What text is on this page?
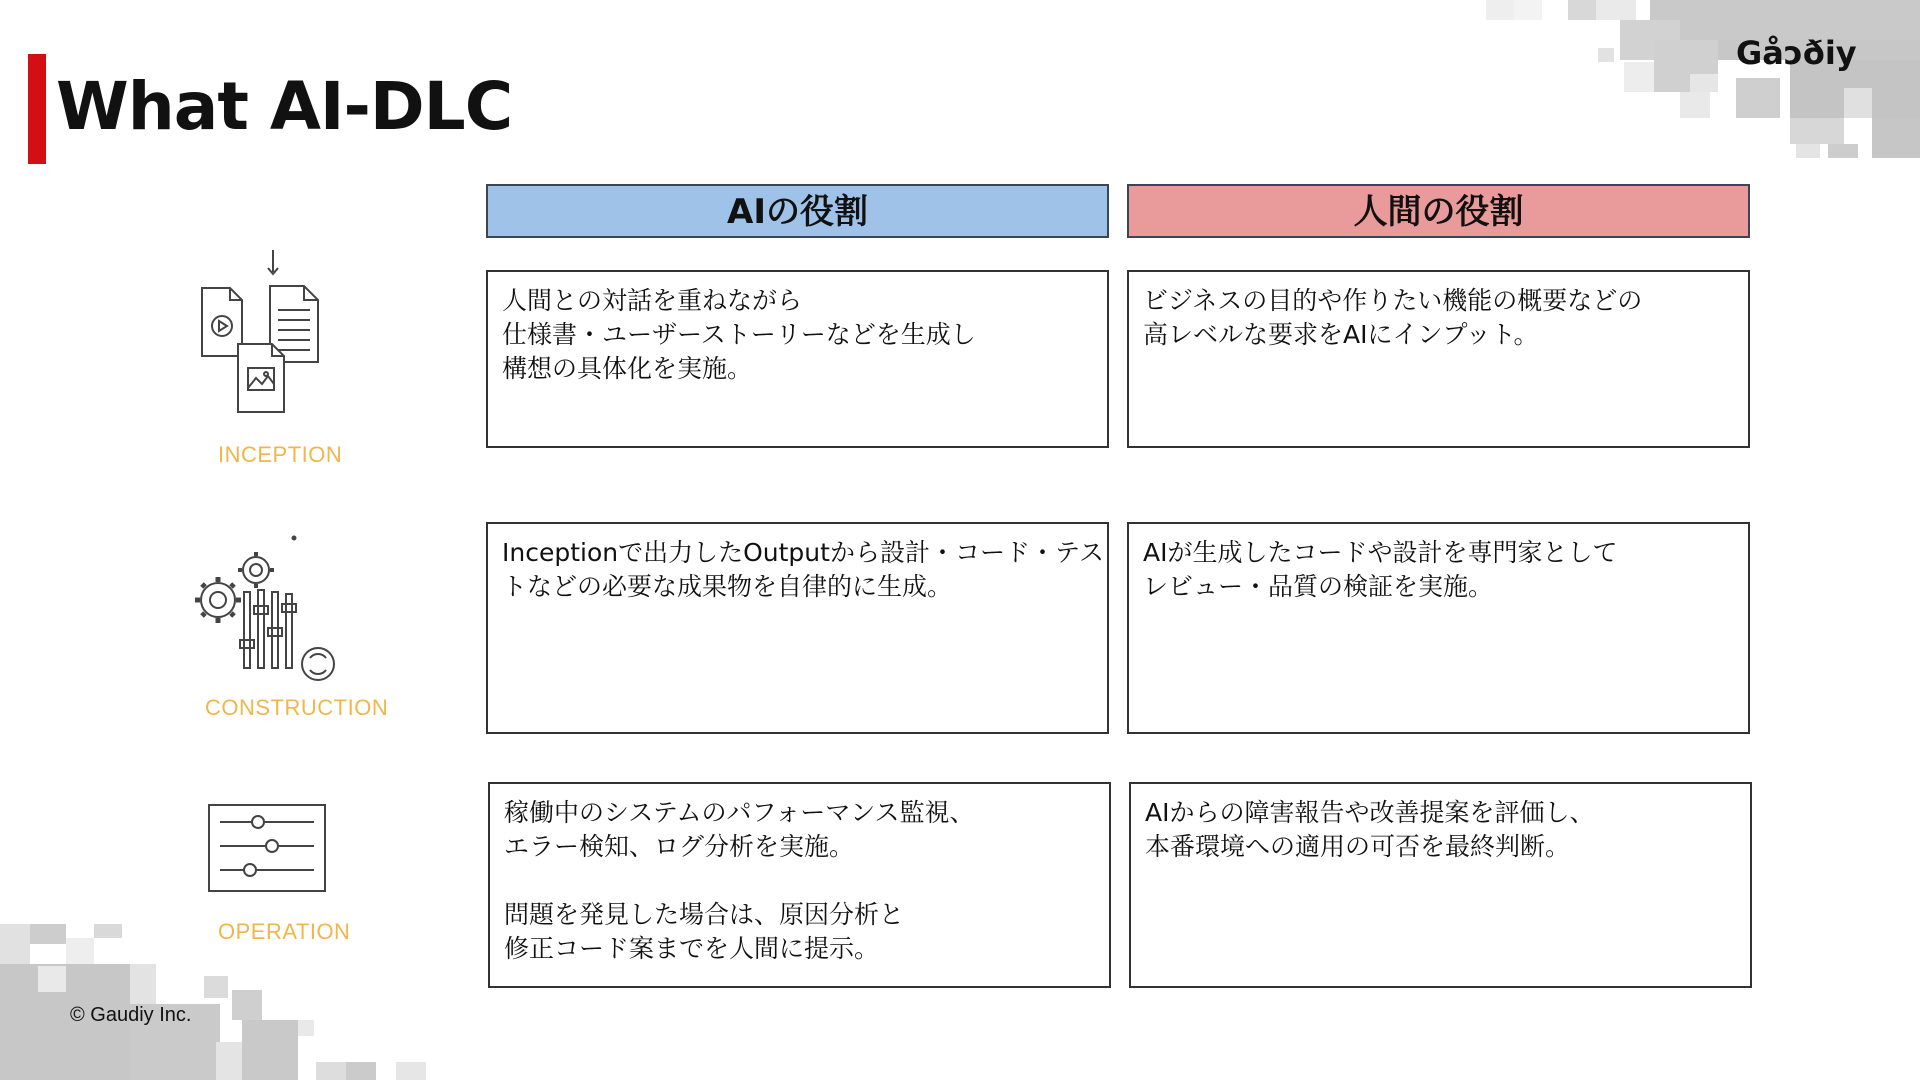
What AI-DLC
Gåɔðiy
AIの役割	人間の役割
INCEPTION
人間との対話を重ねながら
仕様書・ユーザーストーリーなどを生成し
構想の具体化を実施。
ビジネスの目的や作りたい機能の概要などの
高レベルな要求をAIにインプット。
CONSTRUCTION
Inceptionで出力したOutputから設計・コード・テス
トなどの必要な成果物を自律的に生成。
AIが生成したコードや設計を専門家として
レビュー・品質の検証を実施。
OPERATION
稼働中のシステムのパフォーマンス監視、
エラー検知、ログ分析を実施。
問題を発見した場合は、原因分析と
修正コード案までを人間に提示。
AIからの障害報告や改善提案を評価し、
本番環境への適用の可否を最終判断。
© Gaudiy Inc.
